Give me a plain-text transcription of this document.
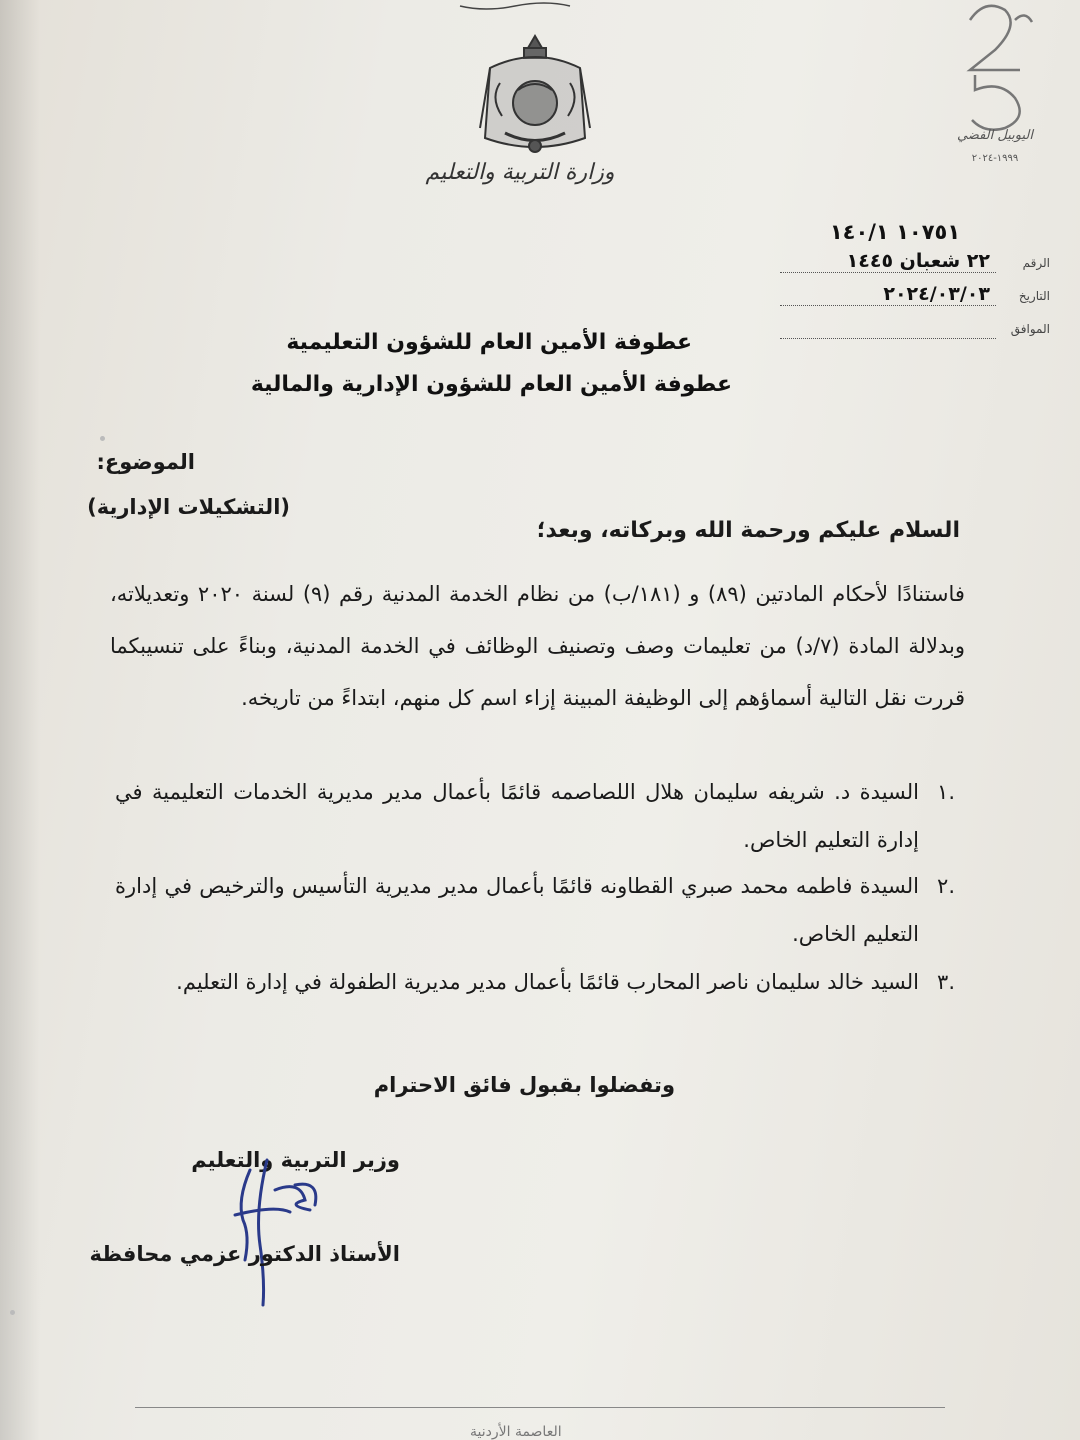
وزارة التربية والتعليم
اليوبيل الفضي
١٩٩٩-٢٠٢٤
١٠٧٥١ ١٤٠/١
الرقم
٢٢ شعبان ١٤٤٥
التاريخ
٢٠٢٤/٠٣/٠٣
الموافق
عطوفة الأمين العام للشؤون التعليمية
عطوفة الأمين العام للشؤون الإدارية والمالية
الموضوع:
(التشكيلات الإدارية)
السلام عليكم ورحمة الله وبركاته، وبعد؛
فاستنادًا لأحكام المادتين (٨٩) و (١٨١/ب) من نظام الخدمة المدنية رقم (٩) لسنة ٢٠٢٠ وتعديلاته، وبدلالة المادة (٧/د) من تعليمات وصف وتصنيف الوظائف في الخدمة المدنية، وبناءً على تنسيبكما قررت نقل التالية أسماؤهم إلى الوظيفة المبينة إزاء اسم كل منهم، ابتداءً من تاريخه.
.١
السيدة د. شريفه سليمان هلال اللصاصمه قائمًا بأعمال مدير مديرية الخدمات التعليمية في إدارة التعليم الخاص.
.٢
السيدة فاطمه محمد صبري القطاونه قائمًا بأعمال مدير مديرية التأسيس والترخيص في إدارة التعليم الخاص.
.٣
السيد خالد سليمان ناصر المحارب قائمًا بأعمال مدير مديرية الطفولة في إدارة التعليم.
وتفضلوا بقبول فائق الاحترام
وزير التربية والتعليم
الأستاذ الدكتور عزمي محافظة
العاصمة الأردنية
